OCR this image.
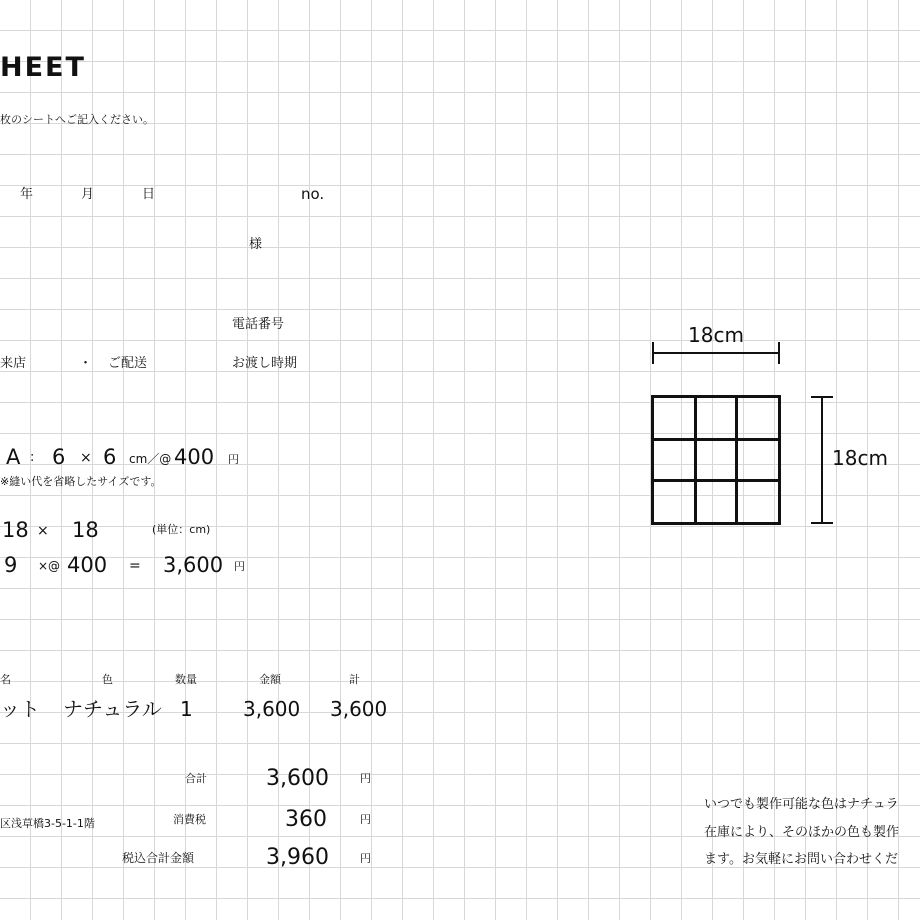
HEET
枚のシートへご記入ください。
年	月	日	no.
様
電話番号
来店	・ ご配送	お渡し時期
A : 6 × 6 cm／@ 400 円
※縫い代を省略したサイズです。
18 × 18	(単位：cm)
9 ×@ 400 = 3,600 円
名	色	数量	金額	計
ット ナチュラル 1	3,600 3,600
合計	3,600	円
区浅草橋3-5-1-1階	消費税	360	円
税込合計金額	3,960	円
18cm
18cm
いつでも製作可能な色はナチュラ
在庫により、そのほかの色も製作
ます。お気軽にお問い合わせくだ
